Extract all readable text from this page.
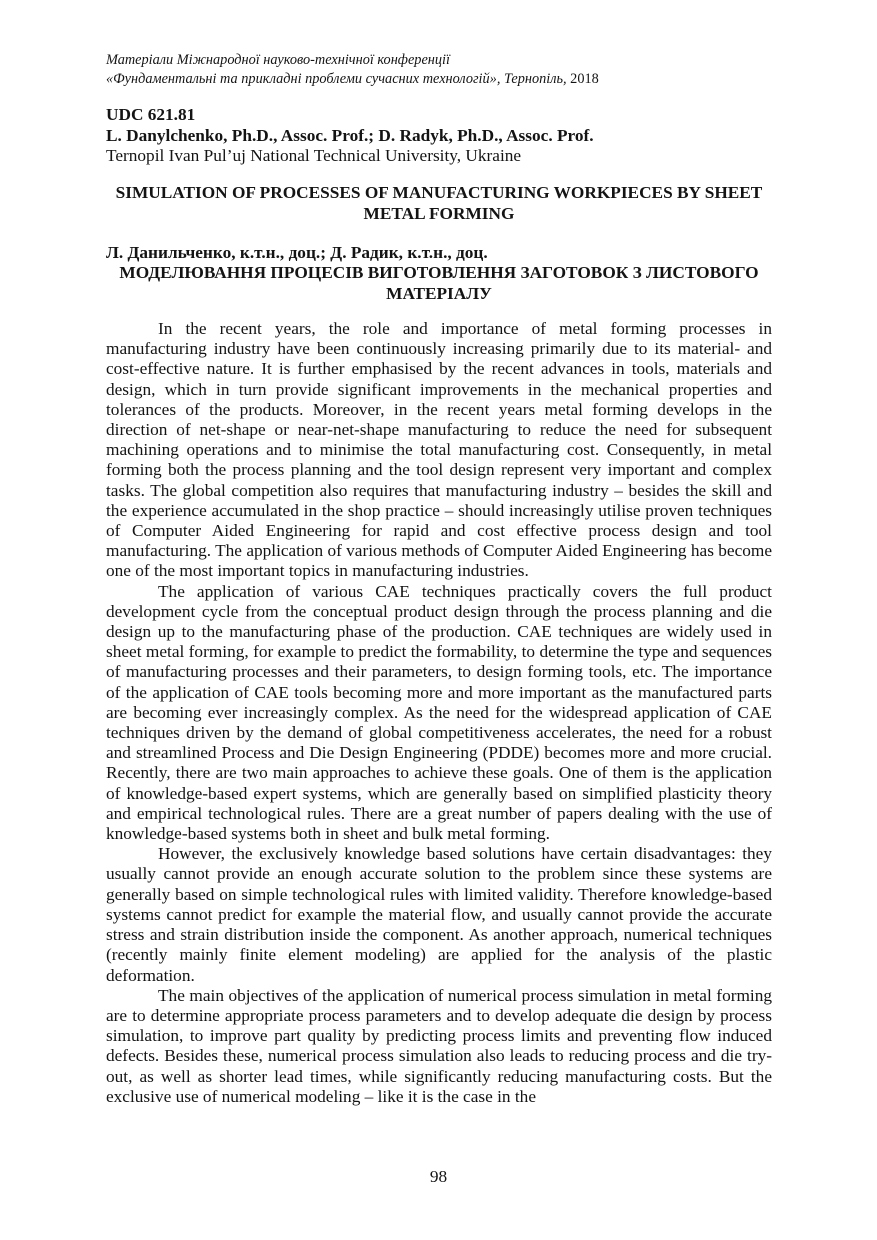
Матеріали Міжнародної науково-технічної конференції
«Фундаментальні та прикладні проблеми сучасних технологій», Тернопіль, 2018
UDC 621.81
L. Danylchenko, Ph.D., Assoc. Prof.; D. Radyk, Ph.D., Assoc. Prof.
Ternopil Ivan Pul’uj National Technical University, Ukraine
SIMULATION OF PROCESSES OF MANUFACTURING WORKPIECES BY SHEET METAL FORMING
Л. Данильченко, к.т.н., доц.; Д. Радик, к.т.н., доц.
МОДЕЛЮВАННЯ ПРОЦЕСІВ ВИГОТОВЛЕННЯ ЗАГОТОВОК З ЛИСТОВОГО МАТЕРІАЛУ

In the recent years, the role and importance of metal forming processes in manufacturing industry have been continuously increasing primarily due to its material- and cost-effective nature. It is further emphasised by the recent advances in tools, materials and design, which in turn provide significant improvements in the mechanical properties and tolerances of the products. Moreover, in the recent years metal forming develops in the direction of net-shape or near-net-shape manufacturing to reduce the need for subsequent machining operations and to minimise the total manufacturing cost. Consequently, in metal forming both the process planning and the tool design represent very important and complex tasks. The global competition also requires that manufacturing industry – besides the skill and the experience accumulated in the shop practice – should increasingly utilise proven techniques of Computer Aided Engineering for rapid and cost effective process design and tool manufacturing. The application of various methods of Computer Aided Engineering has become one of the most important topics in manufacturing industries.

The application of various CAE techniques practically covers the full product development cycle from the conceptual product design through the process planning and die design up to the manufacturing phase of the production. CAE techniques are widely used in sheet metal forming, for example to predict the formability, to determine the type and sequences of manufacturing processes and their parameters, to design forming tools, etc. The importance of the application of CAE tools becoming more and more important as the manufactured parts are becoming ever increasingly complex. As the need for the widespread application of CAE techniques driven by the demand of global competitiveness accelerates, the need for a robust and streamlined Process and Die Design Engineering (PDDE) becomes more and more crucial. Recently, there are two main approaches to achieve these goals. One of them is the application of knowledge-based expert systems, which are generally based on simplified plasticity theory and empirical technological rules. There are a great number of papers dealing with the use of knowledge-based systems both in sheet and bulk metal forming.

However, the exclusively knowledge based solutions have certain disadvantages: they usually cannot provide an enough accurate solution to the problem since these systems are generally based on simple technological rules with limited validity. Therefore knowledge-based systems cannot predict for example the material flow, and usually cannot provide the accurate stress and strain distribution inside the component. As another approach, numerical techniques (recently mainly finite element modeling) are applied for the analysis of the plastic deformation.

The main objectives of the application of numerical process simulation in metal forming are to determine appropriate process parameters and to develop adequate die design by process simulation, to improve part quality by predicting process limits and preventing flow induced defects. Besides these, numerical process simulation also leads to reducing process and die try-out, as well as shorter lead times, while significantly reducing manufacturing costs. But the exclusive use of numerical modeling – like it is the case in the

98
